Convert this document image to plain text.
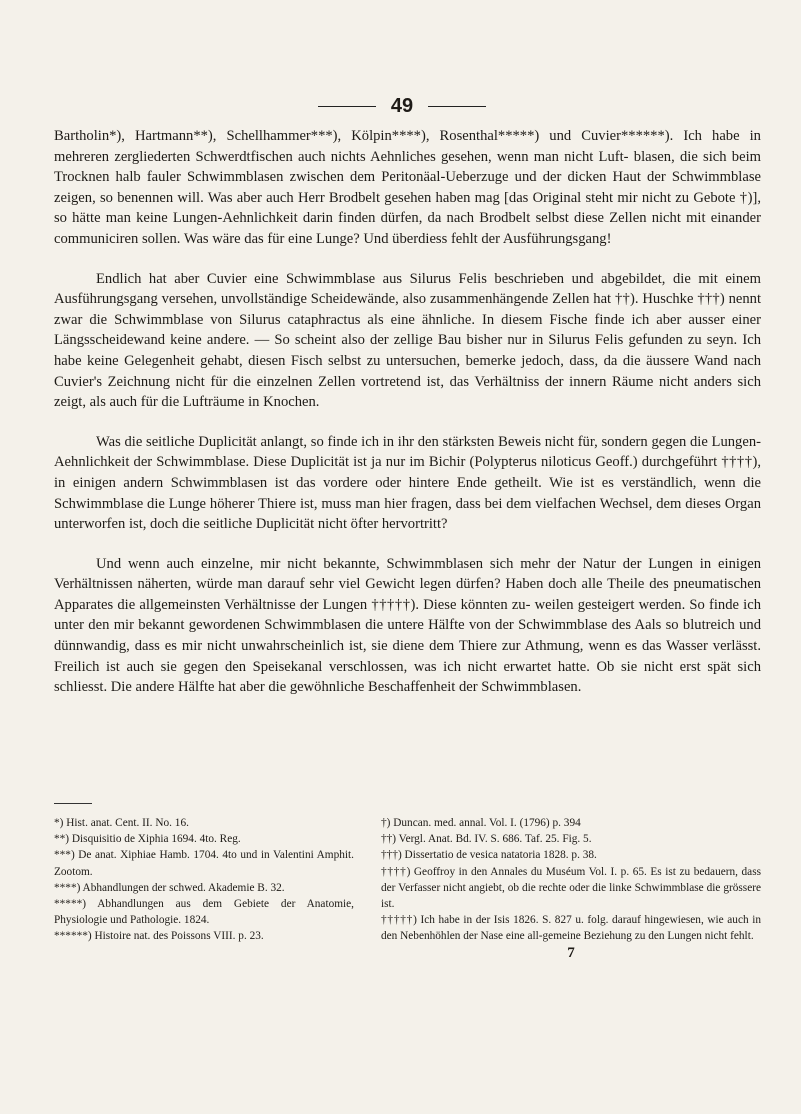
49

Bartholin*), Hartmann**), Schellhammer***), Kölpin****), Rosenthal*****) und Cuvier******). Ich habe in mehreren zergliederten Schwerdtfischen auch nichts Aehnliches gesehen, wenn man nicht Luft- blasen, die sich beim Trocknen halb fauler Schwimmblasen zwischen dem Peritonäal-Ueberzuge und der dicken Haut der Schwimmblase zeigen, so benennen will. Was aber auch Herr Brodbelt gesehen haben mag [das Original steht mir nicht zu Gebote †)], so hätte man keine Lungen-Aehnlichkeit darin finden dürfen, da nach Brodbelt selbst diese Zellen nicht mit einander communiciren sollen. Was wäre das für eine Lunge? Und überdiess fehlt der Ausführungsgang!

Endlich hat aber Cuvier eine Schwimmblase aus Silurus Felis beschrieben und abgebildet, die mit einem Ausführungsgang versehen, unvollständige Scheidewände, also zusammenhängende Zellen hat ††). Huschke †††) nennt zwar die Schwimmblase von Silurus cataphractus als eine ähnliche. In diesem Fische finde ich aber ausser einer Längsscheidewand keine andere. — So scheint also der zellige Bau bisher nur in Silurus Felis gefunden zu seyn. Ich habe keine Gelegenheit gehabt, diesen Fisch selbst zu untersuchen, bemerke jedoch, dass, da die äussere Wand nach Cuvier's Zeichnung nicht für die einzelnen Zellen vortretend ist, das Verhältniss der innern Räume nicht anders sich zeigt, als auch für die Lufträume in Knochen.

Was die seitliche Duplicität anlangt, so finde ich in ihr den stärksten Beweis nicht für, sondern gegen die Lungen-Aehnlichkeit der Schwimmblase. Diese Duplicität ist ja nur im Bichir (Polypterus niloticus Geoff.) durchgeführt ††††), in einigen andern Schwimmblasen ist das vordere oder hintere Ende getheilt. Wie ist es verständlich, wenn die Schwimmblase die Lunge höherer Thiere ist, muss man hier fragen, dass bei dem vielfachen Wechsel, dem dieses Organ unterworfen ist, doch die seitliche Duplicität nicht öfter hervortritt?

Und wenn auch einzelne, mir nicht bekannte, Schwimmblasen sich mehr der Natur der Lungen in einigen Verhältnissen näherten, würde man darauf sehr viel Gewicht legen dürfen? Haben doch alle Theile des pneumatischen Apparates die allgemeinsten Verhältnisse der Lungen †††††). Diese könnten zu- weilen gesteigert werden. So finde ich unter den mir bekannt gewordenen Schwimmblasen die untere Hälfte von der Schwimmblase des Aals so blutreich und dünnwandig, dass es mir nicht unwahrscheinlich ist, sie diene dem Thiere zur Athmung, wenn es das Wasser verlässt. Freilich ist auch sie gegen den Speisekanal verschlossen, was ich nicht erwartet hatte. Ob sie nicht erst spät sich schliesst. Die andere Hälfte hat aber die gewöhnliche Beschaffenheit der Schwimmblasen.

*) Hist. anat. Cent. II. No. 16.

**) Disquisitio de Xiphia 1694. 4to. Reg.

***) De anat. Xiphiae Hamb. 1704. 4to und in Valentini Amphit. Zootom.

****) Abhandlungen der schwed. Akademie B. 32.

*****) Abhandlungen aus dem Gebiete der Anatomie, Physiologie und Pathologie. 1824.

******) Histoire nat. des Poissons VIII. p. 23.

†) Duncan. med. annal. Vol. I. (1796) p. 394

††) Vergl. Anat. Bd. IV. S. 686. Taf. 25. Fig. 5.

†††) Dissertatio de vesica natatoria 1828. p. 38.

††††) Geoffroy in den Annales du Muséum Vol. I. p. 65. Es ist zu bedauern, dass der Verfasser nicht angiebt, ob die rechte oder die linke Schwimmblase die grössere ist.

†††††) Ich habe in der Isis 1826. S. 827 u. folg. darauf hingewiesen, wie auch in den Nebenhöhlen der Nase eine all-gemeine Beziehung zu den Lungen nicht fehlt.

7
